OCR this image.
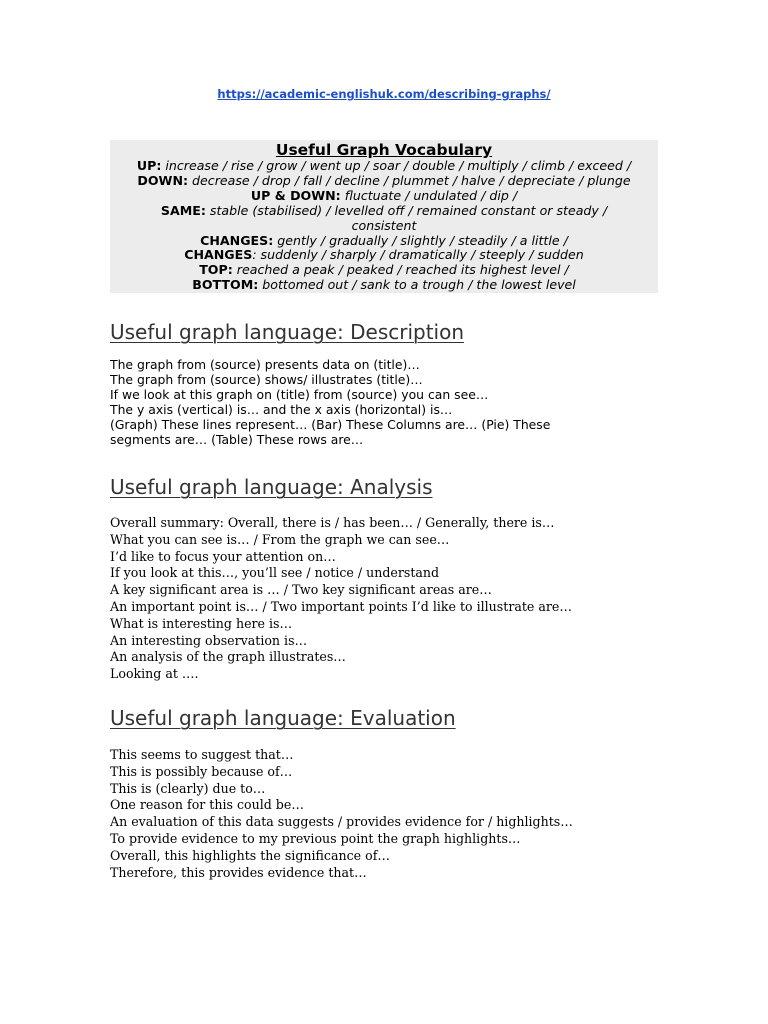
https://academic-englishuk.com/describing-graphs/
Useful Graph Vocabulary
UP: increase / rise / grow / went up / soar / double / multiply / climb / exceed /
DOWN: decrease / drop / fall / decline / plummet / halve / depreciate / plunge
UP & DOWN: fluctuate / undulated / dip /
SAME: stable (stabilised) / levelled off / remained constant or steady /
consistent
CHANGES: gently / gradually / slightly / steadily / a little /
CHANGES: suddenly / sharply / dramatically / steeply / sudden
TOP: reached a peak / peaked / reached its highest level /
BOTTOM: bottomed out / sank to a trough / the lowest level
Useful graph language: Description
The graph from (source) presents data on (title)…
The graph from (source) shows/ illustrates (title)…
If we look at this graph on (title) from (source) you can see…
The y axis (vertical) is… and the x axis (horizontal) is…
(Graph) These lines represent… (Bar) These Columns are… (Pie) These
segments are… (Table) These rows are…
Useful graph language: Analysis
Overall summary: Overall, there is / has been… / Generally, there is…
What you can see is… / From the graph we can see…
I’d like to focus your attention on…
If you look at this…, you’ll see / notice / understand
A key significant area is … / Two key significant areas are…
An important point is… / Two important points I’d like to illustrate are…
What is interesting here is…
An interesting observation is…
An analysis of the graph illustrates…
Looking at ….
Useful graph language: Evaluation
This seems to suggest that…
This is possibly because of…
This is (clearly) due to…
One reason for this could be…
An evaluation of this data suggests / provides evidence for / highlights…
To provide evidence to my previous point the graph highlights…
Overall, this highlights the significance of…
Therefore, this provides evidence that…
